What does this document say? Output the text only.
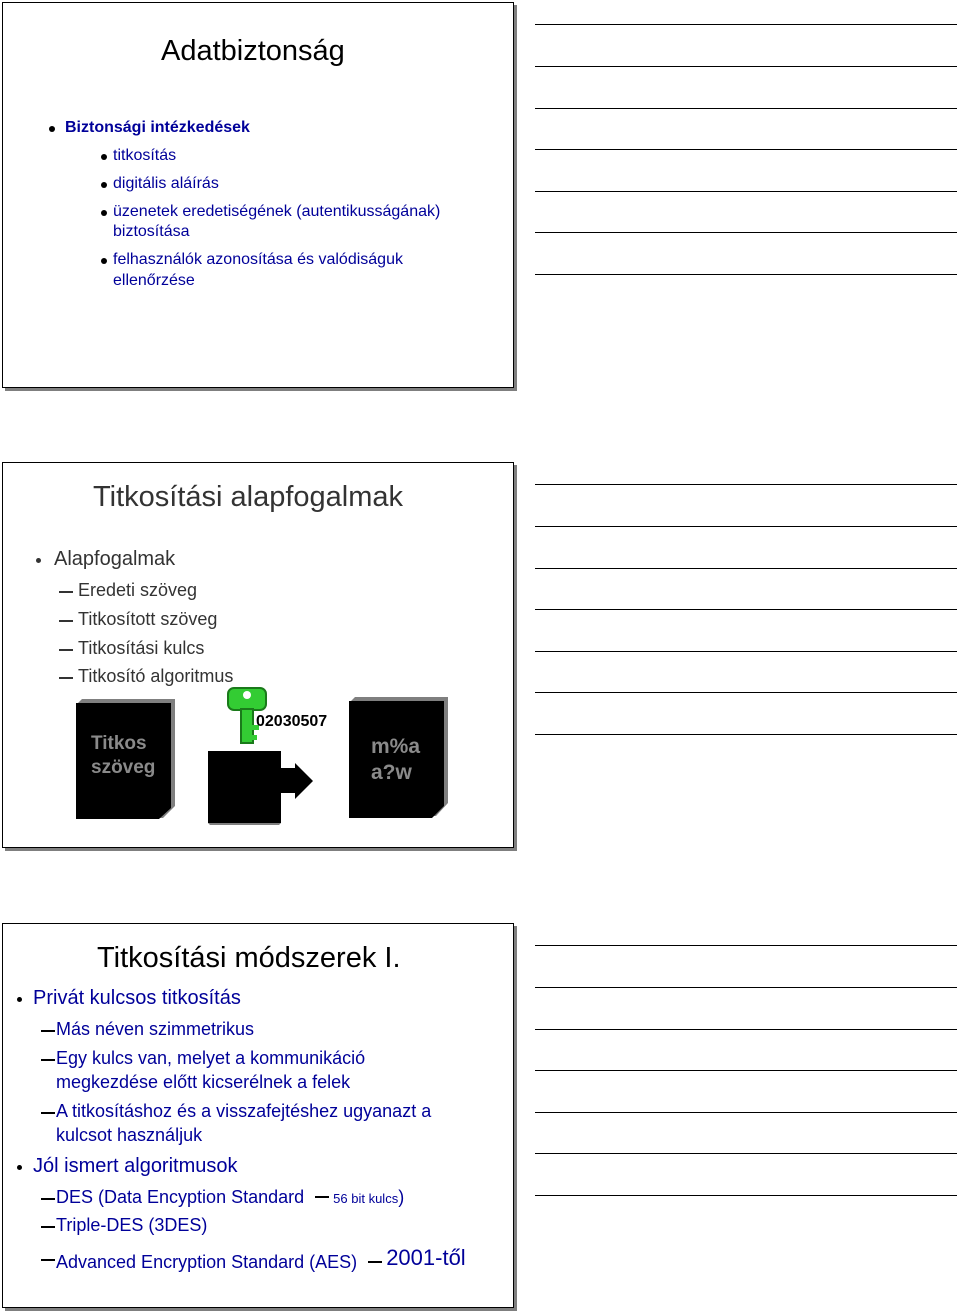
Adatbiztonság
Biztonsági intézkedések
titkosítás
digitális aláírás
üzenetek eredetiségének (autentikusságának)
biztosítása
felhasználók azonosítása és valódiságuk
ellenőrzése
Titkosítási alapfogalmak
Alapfogalmak
Eredeti szöveg
Titkosított szöveg
Titkosítási kulcs
Titkosító algoritmus
Titkos
szöveg
02030507
m%a
a?w
Titkosítási módszerek I.
Privát kulcsos titkosítás
Más néven szimmetrikus
Egy kulcs van, melyet a kommunikáció
megkezdése előtt kicserélnek a felek
A titkosításhoz és a visszafejtéshez ugyanazt a
kulcsot használjuk
Jól ismert algoritmusok
DES (Data Encyption Standard 56 bit kulcs)
Triple-DES (3DES)
Advanced Encryption Standard (AES) 2001-től
